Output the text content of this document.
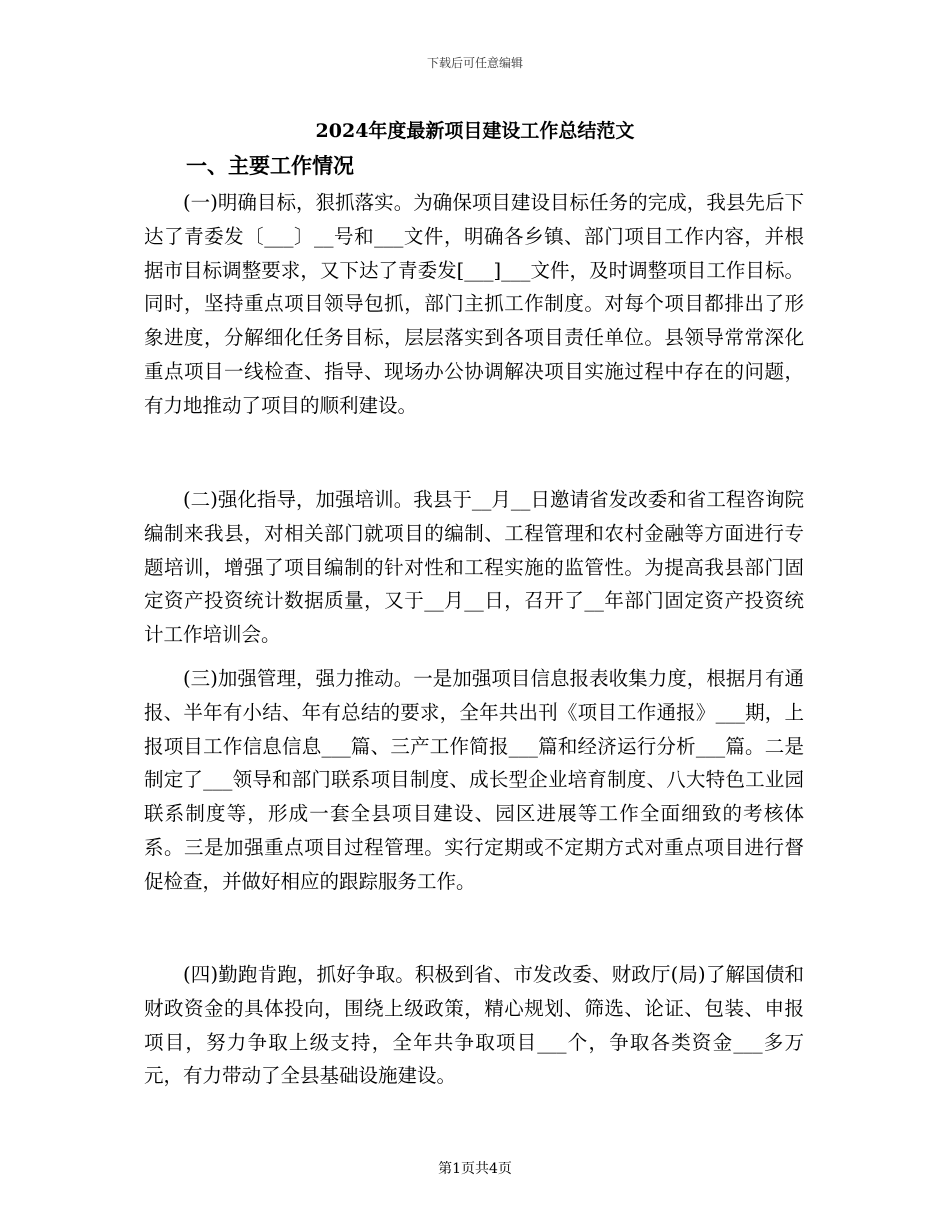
下载后可任意编辑
2024年度最新项目建设工作总结范文
一、主要工作情况

(一)明确目标，狠抓落实。为确保项目建设目标任务的完成，我县先后下达了青委发〔___〕__号和___文件，明确各乡镇、部门项目工作内容，并根据市目标调整要求，又下达了青委发[___]___文件，及时调整项目工作目标。同时，坚持重点项目领导包抓，部门主抓工作制度。对每个项目都排出了形象进度，分解细化任务目标，层层落实到各项目责任单位。县领导常常深化重点项目一线检查、指导、现场办公协调解决项目实施过程中存在的问题，有力地推动了项目的顺利建设。

(二)强化指导，加强培训。我县于__月__日邀请省发改委和省工程咨询院编制来我县，对相关部门就项目的编制、工程管理和农村金融等方面进行专题培训，增强了项目编制的针对性和工程实施的监管性。为提高我县部门固定资产投资统计数据质量，又于__月__日，召开了__年部门固定资产投资统计工作培训会。

(三)加强管理，强力推动。一是加强项目信息报表收集力度，根据月有通报、半年有小结、年有总结的要求，全年共出刊《项目工作通报》___期，上报项目工作信息信息___篇、三产工作简报___篇和经济运行分析___篇。二是制定了___领导和部门联系项目制度、成长型企业培育制度、八大特色工业园联系制度等，形成一套全县项目建设、园区进展等工作全面细致的考核体系。三是加强重点项目过程管理。实行定期或不定期方式对重点项目进行督促检查，并做好相应的跟踪服务工作。

(四)勤跑肯跑，抓好争取。积极到省、市发改委、财政厅(局)了解国债和财政资金的具体投向，围绕上级政策，精心规划、筛选、论证、包装、申报项目，努力争取上级支持，全年共争取项目___个，争取各类资金___多万元，有力带动了全县基础设施建设。

第1页共4页
